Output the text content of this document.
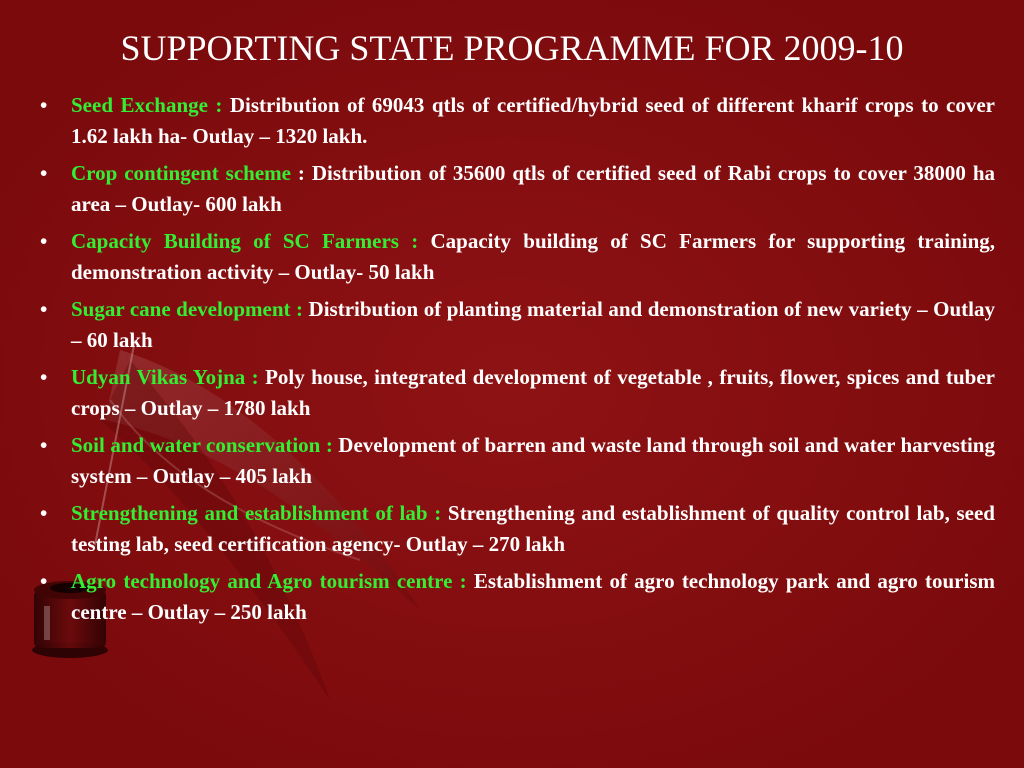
SUPPORTING STATE PROGRAMME FOR 2009-10
•	Seed Exchange : Distribution of 69043 qtls of certified/hybrid seed of different kharif crops to cover 1.62 lakh ha- Outlay – 1320 lakh.
•	Crop contingent scheme : Distribution of 35600 qtls of certified seed of Rabi crops to cover 38000 ha area – Outlay- 600 lakh
•	Capacity Building of SC Farmers : Capacity building of SC Farmers for supporting training, demonstration activity – Outlay- 50 lakh
•	Sugar cane development : Distribution of planting material and demonstration of new variety – Outlay – 60 lakh
•	Udyan Vikas Yojna : Poly house, integrated development of vegetable , fruits, flower, spices and tuber crops – Outlay – 1780 lakh
•	Soil and water conservation : Development of barren and waste land through soil and water harvesting system – Outlay – 405 lakh
•	Strengthening and establishment of lab : Strengthening and establishment of quality control lab, seed testing lab, seed certification agency- Outlay – 270 lakh
•	Agro technology and Agro tourism centre : Establishment of agro technology park and agro tourism centre – Outlay – 250 lakh
